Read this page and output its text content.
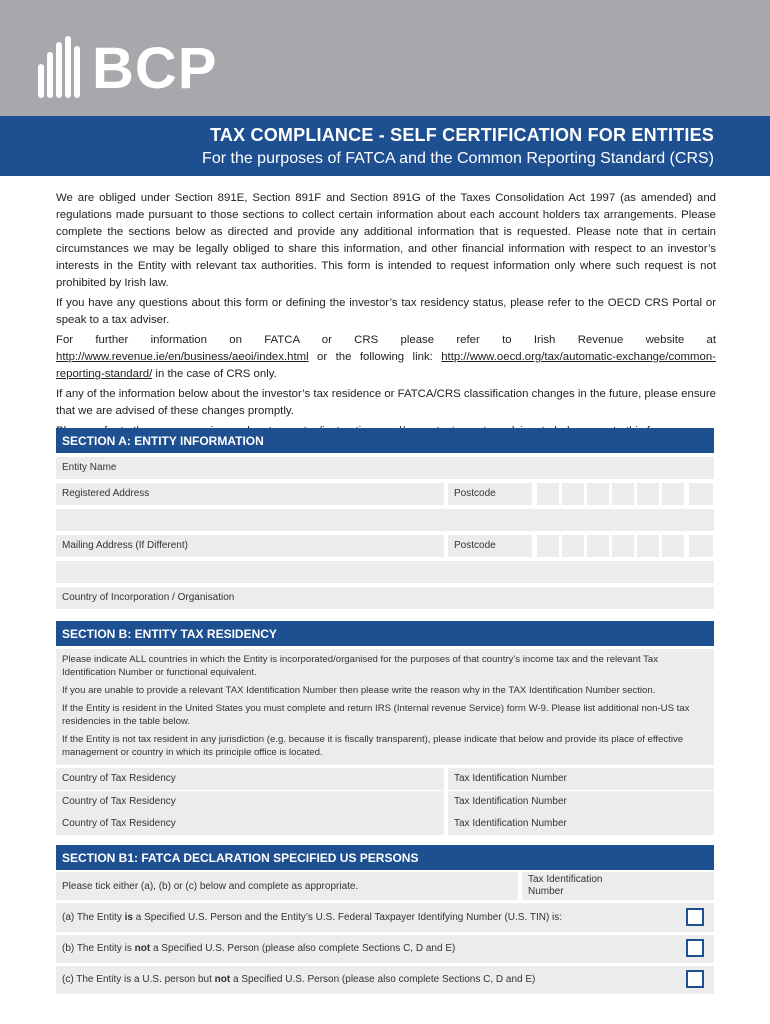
BCP
TAX COMPLIANCE - SELF CERTIFICATION FOR ENTITIES
For the purposes of FATCA and the Common Reporting Standard (CRS)

We are obliged under Section 891E, Section 891F and Section 891G of the Taxes Consolidation Act 1997 (as amended) and regulations made pursuant to those sections to collect certain information about each account holders tax arrangements. Please complete the sections below as directed and provide any additional information that is requested. Please note that in certain circumstances we may be legally obliged to share this information, and other financial information with respect to an investor’s interests in the Entity with relevant tax authorities. This form is intended to request information only where such request is not prohibited by Irish law.

If you have any questions about this form or defining the investor’s tax residency status, please refer to the OECD CRS Portal or speak to a tax adviser.

For further information on FATCA or CRS please refer to Irish Revenue website at http://www.revenue.ie/en/business/aeoi/index.html or the following link: http://www.oecd.org/tax/automatic-exchange/common-reporting-standard/ in the case of CRS only.

If any of the information below about the investor’s tax residence or FATCA/CRS classification changes in the future, please ensure that we are advised of these changes promptly.

SECTION A: ENTITY INFORMATION
Entity Name
Registered Address	Postcode
Mailing Address (If Different)	Postcode
Country of Incorporation / Organisation
SECTION B: ENTITY TAX RESIDENCY

Please indicate ALL countries in which the Entity is incorporated/organised for the purposes of that country’s income tax and the relevant Tax Identification Number or functional equivalent.

If you are unable to provide a relevant TAX Identification Number then please write the reason why in the TAX Identification Number section.

If the Entity is resident in the United States you must complete and return IRS (Internal revenue Service) form W-9. Please list additional non-US tax residencies in the table below.

If the Entity is not tax resident in any jurisdiction (e.g. because it is fiscally transparent), please indicate that below and provide its place of effective management or country in which its principle office is located.

Country of Tax Residency	Tax Identification Number
Country of Tax Residency	Tax Identification Number
Country of Tax Residency	Tax Identification Number
SECTION B1: FATCA DECLARATION SPECIFIED US PERSONS
Please tick either (a), (b) or (c) below and complete as appropriate.
Tax Identification
Number
(a) The Entity is a Specified U.S. Person and the Entity’s U.S. Federal Taxpayer Identifying Number (U.S. TIN) is:
(b) The Entity is not a Specified U.S. Person (please also complete Sections C, D and E)
(c) The Entity is a U.S. person but not a Specified U.S. Person (please also complete Sections C, D and E)
